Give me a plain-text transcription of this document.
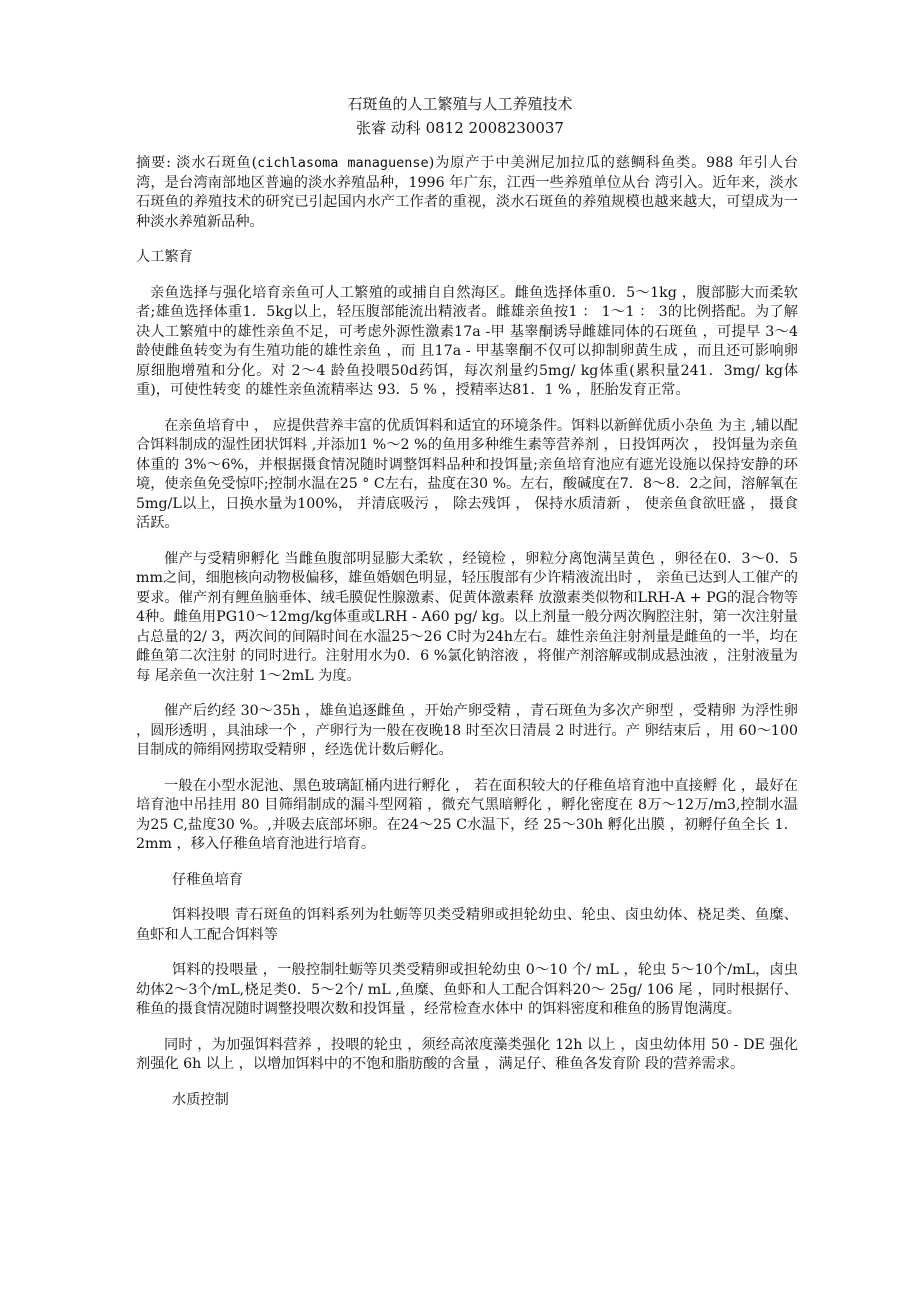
石斑鱼的人工繁殖与人工养殖技术

张睿 动科 0812 2008230037

摘要: 淡水石斑鱼(cichlasoma managuense)为原产于中美洲尼加拉瓜的慈鲷科鱼类。988 年引人台湾，是台湾南部地区普遍的淡水养殖品种，1996 年广东，江西一些养殖单位从台 湾引入。近年来，淡水石斑鱼的养殖技术的研究已引起国内水产工作者的重视，淡水石斑鱼的养殖规模也越来越大，可望成为一种淡水养殖新品种。

人工繁育

亲鱼选择与强化培育亲鱼可人工繁殖的或捕自自然海区。雌鱼选择体重0．5～1kg ，腹部膨大而柔软者;雄鱼选择体重1．5kg以上，轻压腹部能流出精液者。雌雄亲鱼按1 ： 1～1 ： 3的比例搭配。为了解决人工繁殖中的雄性亲鱼不足，可考虑外源性激素17a -甲 基睾酮诱导雌雄同体的石斑鱼 ，可提早 3～4 龄使雌鱼转变为有生殖功能的雄性亲鱼 ，而 且17a - 甲基睾酮不仅可以抑制卵黄生成 ，而且还可影响卵原细胞增殖和分化。对 2～4 龄鱼投喂50d药饵，每次剂量约5mg/ kg体重(累积量241．3mg/ kg体重)，可使性转变 的雄性亲鱼流精率达 93．5 % ，授精率达81．1 % ，胚胎发育正常。

在亲鱼培育中 ， 应提供营养丰富的优质饵料和适宜的环境条件。饵料以新鲜优质小杂鱼 为主 ,辅以配合饵料制成的湿性团状饵料 ,并添加1 %～2 %的鱼用多种维生素等营养剂 ，日投饵两次 ， 投饵量为亲鱼体重的 3%～6%，并根据摄食情况随时调整饵料品种和投饵量;亲鱼培育池应有遮光设施以保持安静的环境，使亲鱼免受惊吓;控制水温在25 ° C左右，盐度在30 %。左右，酸碱度在7．8～8．2之间，溶解氧在5mg/L以上，日换水量为100%， 并清底吸污 ， 除去残饵 ， 保持水质清新 ， 使亲鱼食欲旺盛 ， 摄食活跃。

催产与受精卵孵化 当雌鱼腹部明显膨大柔软 ，经镜检 ，卵粒分离饱满呈黄色 ，卵径在0．3～0．5mm之间，细胞核向动物极偏移，雄鱼婚姻色明显，轻压腹部有少许精液流出时 ， 亲鱼已达到人工催产的要求。催产剂有鲤鱼脑垂体、绒毛膜促性腺激素、促黄体激素释 放激素类似物和LRH-A + PG的混合物等4种。雌鱼用PG10～12mg/kg体重或LRH - A60 pg/ kg。以上剂量一般分两次胸腔注射，第一次注射量占总量的2/ 3，两次间的间隔时间在水温25～26 C时为24h左右。雄性亲鱼注射剂量是雌鱼的一半，均在雌鱼第二次注射 的同时进行。注射用水为0．6 %氯化钠溶液 ，将催产剂溶解或制成悬浊液 ，注射液量为每 尾亲鱼一次注射 1～2mL 为度。

催产后约经 30～35h ，雄鱼追逐雌鱼 ，开始产卵受精 ，青石斑鱼为多次产卵型 ，受精卵 为浮性卵 ，圆形透明 ，具油球一个 ，产卵行为一般在夜晚18 时至次日清晨 2 时进行。产 卵结束后 ，用 60～100目制成的筛绢网捞取受精卵 ，经选优计数后孵化。

一般在小型水泥池、黑色玻璃缸桶内进行孵化 ， 若在面积较大的仔稚鱼培育池中直接孵 化 ，最好在培育池中吊挂用 80 目筛绢制成的漏斗型网箱 ，微充气黑暗孵化 ，孵化密度在 8万～12万/m3,控制水温为25 C,盐度30 %。,并吸去底部坏卵。在24～25 C水温下，经 25～30h 孵化出膜 ，初孵仔鱼全长 1．2mm ，移入仔稚鱼培育池进行培育。

仔稚鱼培育

饵料投喂 青石斑鱼的饵料系列为牡蛎等贝类受精卵或担轮幼虫、轮虫、卤虫幼体、桡足类、鱼糜、鱼虾和人工配合饵料等

饵料的投喂量 ，一般控制牡蛎等贝类受精卵或担轮幼虫 0～10 个/ mL ，轮虫 5～10个/mL，卤虫幼体2～3个/mL,桡足类0．5～2个/ mL ,鱼糜、鱼虾和人工配合饵料20～ 25g/ 106 尾 ，同时根据仔、稚鱼的摄食情况随时调整投喂次数和投饵量 ，经常检查水体中 的饵料密度和稚鱼的肠胃饱满度。

同时 ，为加强饵料营养 ，投喂的轮虫 ，须经高浓度藻类强化 12h 以上 ，卤虫幼体用 50 - DE 强化剂强化 6h 以上 ，以增加饵料中的不饱和脂肪酸的含量 ，满足仔、稚鱼各发育阶 段的营养需求。

水质控制
